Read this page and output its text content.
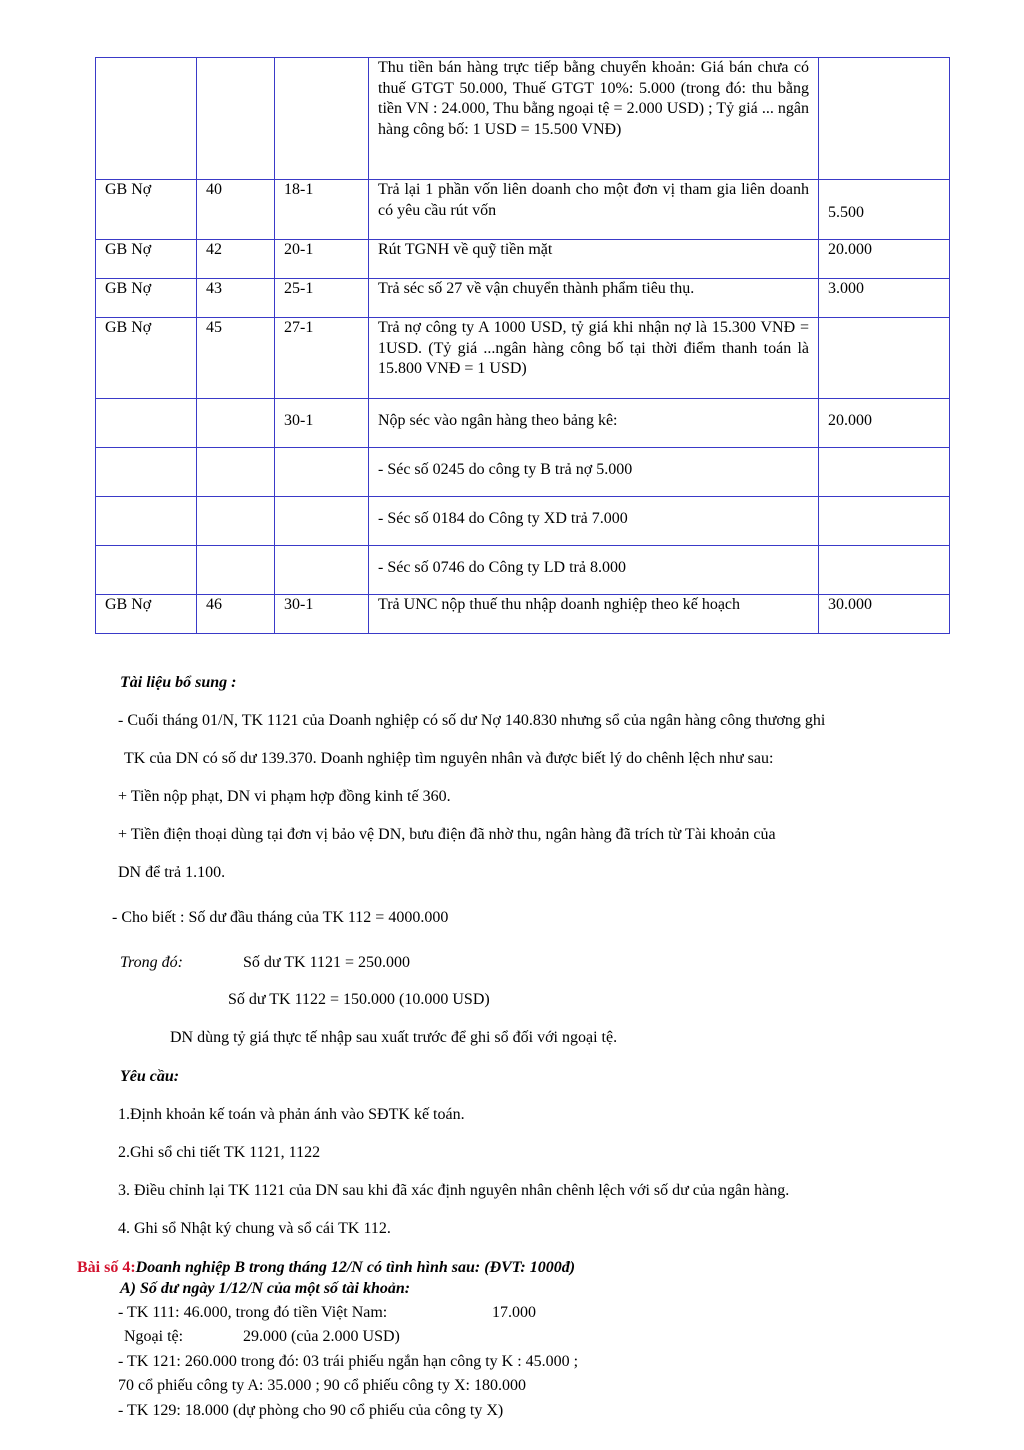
			Thu tiền bán hàng trực tiếp bằng chuyển khoản: Giá bán chưa có thuế GTGT 50.000, Thuế GTGT 10%: 5.000 (trong đó: thu bằng tiền VN : 24.000, Thu bằng ngoại tệ = 2.000 USD) ; Tỷ giá ... ngân hàng công bố: 1 USD = 15.500 VNĐ)	
GB Nợ	40	18-1	Trả lại 1 phần vốn liên doanh cho một đơn vị tham gia liên doanh có yêu cầu rút vốn	5.500
GB Nợ	42	20-1	Rút TGNH về quỹ tiền mặt	20.000
GB Nợ	43	25-1	Trả séc số 27 về vận chuyển thành phẩm tiêu thụ.	3.000
GB Nợ	45	27-1	Trả nợ công ty A 1000 USD, tỷ giá khi nhận nợ là 15.300 VNĐ = 1USD. (Tỷ giá ...ngân hàng công bố tại thời điểm thanh toán là 15.800 VNĐ = 1 USD)	
		30-1	Nộp séc vào ngân hàng theo bảng kê:	20.000
			- Séc số 0245 do công ty B trả nợ 5.000	
			- Séc số 0184 do Công ty XD trả 7.000	
			- Séc số 0746 do Công ty LD trả 8.000	
GB Nợ	46	30-1	Trả UNC nộp thuế thu nhập doanh nghiệp theo kế hoạch	30.000
Tài liệu bổ sung :
- Cuối tháng 01/N, TK 1121 của Doanh nghiệp có số dư Nợ 140.830 nhưng sổ của ngân hàng công thương ghi
TK của DN có số dư 139.370. Doanh nghiệp tìm nguyên nhân và được biết lý do chênh lệch như sau:
+ Tiền nộp phạt, DN vi phạm hợp đồng kinh tế 360.
+ Tiền điện thoại dùng tại đơn vị bảo vệ DN, bưu điện đã nhờ thu, ngân hàng đã trích từ Tài khoản của
DN để trả 1.100.
- Cho biết : Số dư đầu tháng của TK 112 = 4000.000
Trong đó:	Số dư TK 1121 = 250.000
Số dư TK 1122 = 150.000 (10.000 USD)
DN dùng tỷ giá thực tế nhập sau xuất trước để ghi sổ đối với ngoại tệ.
Yêu cầu:
1.Định khoản kế toán và phản ánh vào SĐTK kế toán.
2.Ghi sổ chi tiết TK 1121, 1122
3. Điều chỉnh lại TK 1121 của DN sau khi đã xác định nguyên nhân chênh lệch với số dư của ngân hàng.
4. Ghi sổ Nhật ký chung và sổ cái TK 112.
Bài số 4:Doanh nghiệp B trong tháng 12/N có tình hình sau: (ĐVT: 1000đ)
A) Số dư ngày 1/12/N của một số tài khoản:
- TK 111: 46.000, trong đó tiền Việt Nam:	17.000
Ngoại tệ:	29.000 (của 2.000 USD)
- TK 121: 260.000 trong đó: 03 trái phiếu ngắn hạn công ty K : 45.000 ;
70 cổ phiếu công ty A: 35.000 ; 90 cổ phiếu công ty X: 180.000
- TK 129: 18.000 (dự phòng cho 90 cổ phiếu của công ty X)
